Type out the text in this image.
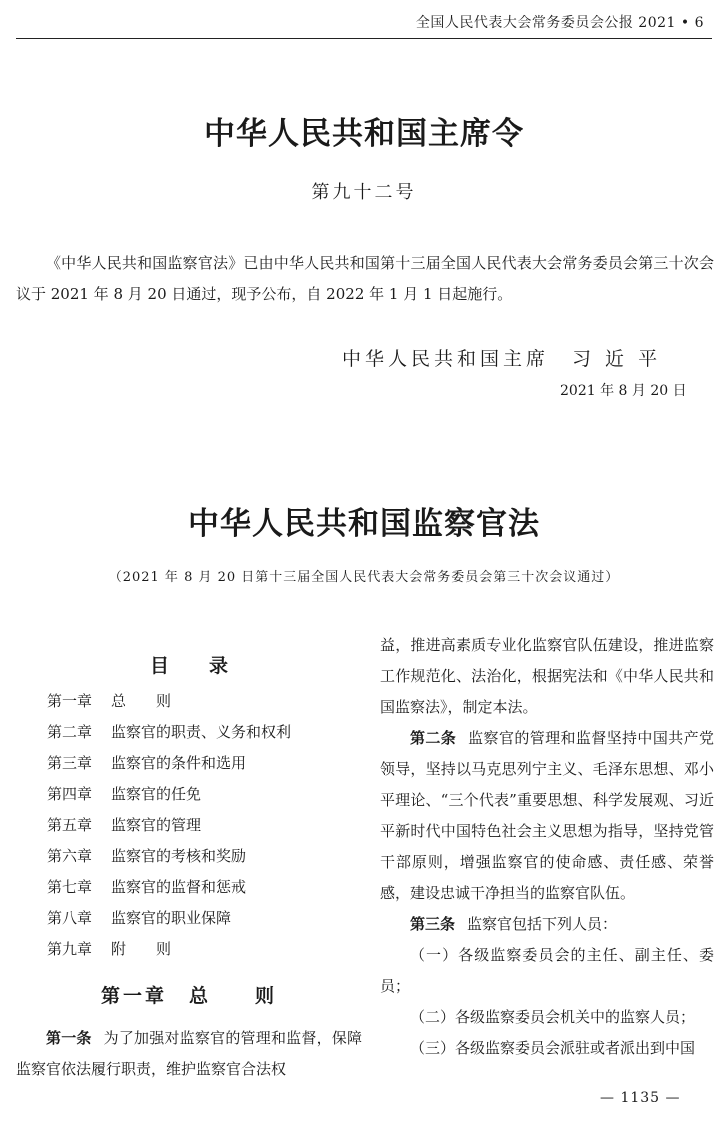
全国人民代表大会常务委员会公报 2021 • 6
中华人民共和国主席令
第九十二号

《中华人民共和国监察官法》已由中华人民共和国第十三届全国人民代表大会常务委员会第三十次会议于 2021 年 8 月 20 日通过，现予公布，自 2022 年 1 月 1 日起施行。

中华人民共和国主席　习 近 平
2021 年 8 月 20 日
中华人民共和国监察官法
（2021 年 8 月 20 日第十三届全国人民代表大会常务委员会第三十次会议通过）
目录
第一章 总　　则
第二章 监察官的职责、义务和权利
第三章 监察官的条件和选用
第四章 监察官的任免
第五章 监察官的管理
第六章 监察官的考核和奖励
第七章 监察官的监督和惩戒
第八章 监察官的职业保障
第九章 附　　则
第一章　总　　则

第一条 为了加强对监察官的管理和监督，保障监察官依法履行职责，维护监察官合法权

益，推进高素质专业化监察官队伍建设，推进监察工作规范化、法治化，根据宪法和《中华人民共和国监察法》，制定本法。

第二条 监察官的管理和监督坚持中国共产党领导，坚持以马克思列宁主义、毛泽东思想、邓小平理论、“三个代表”重要思想、科学发展观、习近平新时代中国特色社会主义思想为指导，坚持党管干部原则，增强监察官的使命感、责任感、荣誉感，建设忠诚干净担当的监察官队伍。

第三条 监察官包括下列人员：

（一）各级监察委员会的主任、副主任、委员；

（二）各级监察委员会机关中的监察人员；

（三）各级监察委员会派驻或者派出到中国

— 1135 —
